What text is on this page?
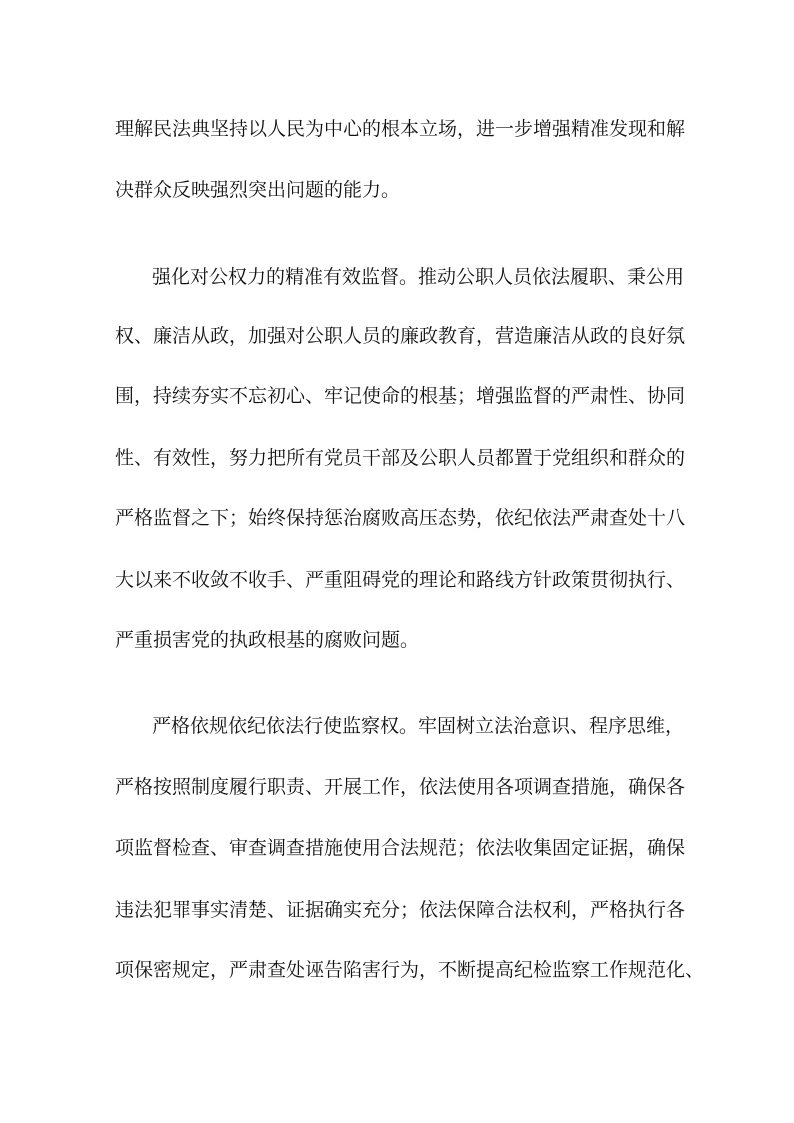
理解民法典坚持以人民为中心的根本立场，进一步增强精准发现和解
决群众反映强烈突出问题的能力。
强化对公权力的精准有效监督。推动公职人员依法履职、秉公用
权、廉洁从政，加强对公职人员的廉政教育，营造廉洁从政的良好氛
围，持续夯实不忘初心、牢记使命的根基；增强监督的严肃性、协同
性、有效性，努力把所有党员干部及公职人员都置于党组织和群众的
严格监督之下；始终保持惩治腐败高压态势，依纪依法严肃查处十八
大以来不收敛不收手、严重阻碍党的理论和路线方针政策贯彻执行、
严重损害党的执政根基的腐败问题。
严格依规依纪依法行使监察权。牢固树立法治意识、程序思维，
严格按照制度履行职责、开展工作，依法使用各项调查措施，确保各
项监督检查、审查调查措施使用合法规范；依法收集固定证据，确保
违法犯罪事实清楚、证据确实充分；依法保障合法权利，严格执行各
项保密规定，严肃查处诬告陷害行为，不断提高纪检监察工作规范化、
